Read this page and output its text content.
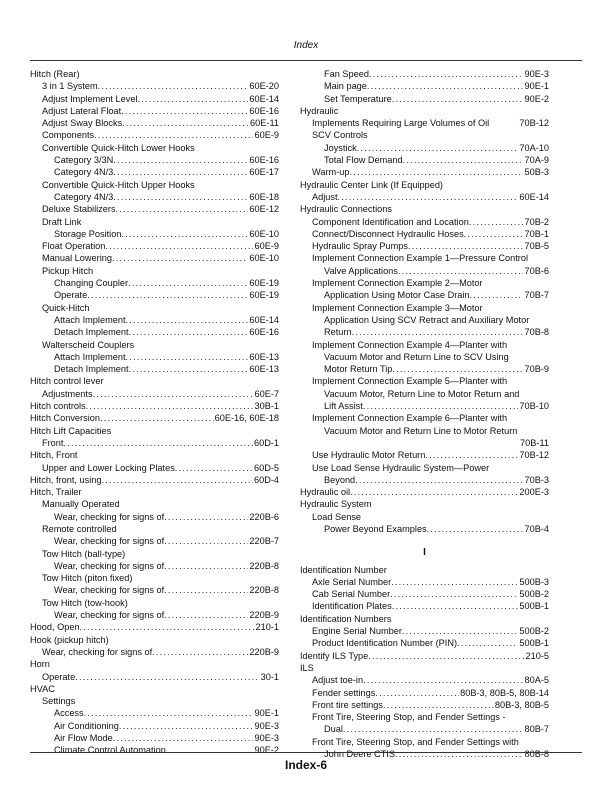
Index
Hitch (Rear)
3 in 1 System .....	60E-20
Adjust Implement Level .....	60E-14
Adjust Lateral Float .....	60E-16
Adjust Sway Blocks .....	60E-11
Components .....	60E-9
Convertible Quick-Hitch Lower Hooks
Category 3/3N .....	60E-16
Category 4N/3 .....	60E-17
Convertible Quick-Hitch Upper Hooks
Category 4N/3 .....	60E-18
Deluxe Stabilizers .....	60E-12
Draft Link
Storage Position .....	60E-10
Float Operation .....	60E-9
Manual Lowering .....	60E-10
Pickup Hitch
Changing Coupler .....	60E-19
Operate .....	60E-19
Quick-Hitch
Attach Implement .....	60E-14
Detach Implement .....	60E-16
Walterscheid Couplers
Attach Implement .....	60E-13
Detach Implement .....	60E-13
Hitch control lever
Adjustments .....	60E-7
Hitch controls .....	30B-1
Hitch Conversion .....	60E-16, 60E-18
Hitch Lift Capacities
Front .....	60D-1
Hitch, Front
Upper and Lower Locking Plates .....	60D-5
Hitch, front, using .....	60D-4
Hitch, Trailer
Manually Operated
Wear, checking for signs of .....	220B-6
Remote controlled
Wear, checking for signs of .....	220B-7
Tow Hitch (ball-type)
Wear, checking for signs of .....	220B-8
Tow Hitch (piton fixed)
Wear, checking for signs of .....	220B-8
Tow Hitch (tow-hook)
Wear, checking for signs of .....	220B-9
Hood, Open .....	210-1
Hook (pickup hitch)
Wear, checking for signs of .....	220B-9
Horn
Operate .....	30-1
HVAC
Settings
Access .....	90E-1
Air Conditioning .....	90E-3
Air Flow Mode .....	90E-3
Climate Control Automation .....	90E-2
Fan Speed .....	90E-3
Main page .....	90E-1
Set Temperature .....	90E-2
Hydraulic
Implements Requiring Large Volumes of Oil	70B-12
SCV Controls
Joystick .....	70A-10
Total Flow Demand .....	70A-9
Warm-up .....	50B-3
Hydraulic Center Link (If Equipped)
Adjust .....	60E-14
Hydraulic Connections
Component Identification and Location .....	70B-2
Connect/Disconnect Hydraulic Hoses .....	70B-1
Hydraulic Spray Pumps .....	70B-5
Implement Connection Example 1—Pressure Control
Valve Applications .....	70B-6
Implement Connection Example 2—Motor
Application Using Motor Case Drain .....	70B-7
Implement Connection Example 3—Motor
Application Using SCV Retract and Auxiliary Motor
Return .....	70B-8
Implement Connection Example 4—Planter with
Vacuum Motor and Return Line to SCV Using
Motor Return Tip .....	70B-9
Implement Connection Example 5—Planter with
Vacuum Motor, Return Line to Motor Return and
Lift Assist .....	70B-10
Implement Connection Example 6—Planter with
Vacuum Motor and Return Line to Motor Return
70B-11
Use Hydraulic Motor Return .....	70B-12
Use Load Sense Hydraulic System—Power
Beyond .....	70B-3
Hydraulic oil .....	200E-3
Hydraulic System
Load Sense
Power Beyond Examples .....	70B-4
I
Identification Number
Axle Serial Number .....	500B-3
Cab Serial Number .....	500B-2
Identification Plates .....	500B-1
Identification Numbers
Engine Serial Number .....	500B-2
Product Identification Number (PIN) .....	500B-1
Identify ILS Type .....	210-5
ILS
Adjust toe-in .....	80A-5
Fender settings .....	80B-3, 80B-5, 80B-14
Front tire settings .....	80B-3, 80B-5
Front Tire, Steering Stop, and Fender Settings -
Dual .....	80B-7
Front Tire, Steering Stop, and Fender Settings with
John Deere CTIS .....	80B-8
Index-6
